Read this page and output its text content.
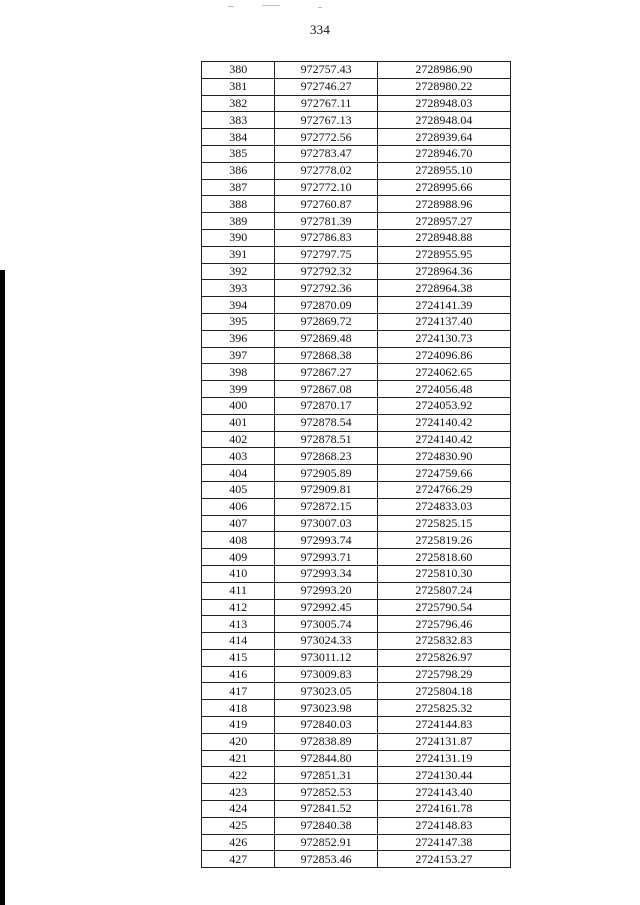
334
380	972757.43	2728986.90
381	972746.27	2728980.22
382	972767.11	2728948.03
383	972767.13	2728948.04
384	972772.56	2728939.64
385	972783.47	2728946.70
386	972778.02	2728955.10
387	972772.10	2728995.66
388	972760.87	2728988.96
389	972781.39	2728957.27
390	972786.83	2728948.88
391	972797.75	2728955.95
392	972792.32	2728964.36
393	972792.36	2728964.38
394	972870.09	2724141.39
395	972869.72	2724137.40
396	972869.48	2724130.73
397	972868.38	2724096.86
398	972867.27	2724062.65
399	972867.08	2724056.48
400	972870.17	2724053.92
401	972878.54	2724140.42
402	972878.51	2724140.42
403	972868.23	2724830.90
404	972905.89	2724759.66
405	972909.81	2724766.29
406	972872.15	2724833.03
407	973007.03	2725825.15
408	972993.74	2725819.26
409	972993.71	2725818.60
410	972993.34	2725810.30
411	972993.20	2725807.24
412	972992.45	2725790.54
413	973005.74	2725796.46
414	973024.33	2725832.83
415	973011.12	2725826.97
416	973009.83	2725798.29
417	973023.05	2725804.18
418	973023.98	2725825.32
419	972840.03	2724144.83
420	972838.89	2724131.87
421	972844.80	2724131.19
422	972851.31	2724130.44
423	972852.53	2724143.40
424	972841.52	2724161.78
425	972840.38	2724148.83
426	972852.91	2724147.38
427	972853.46	2724153.27
